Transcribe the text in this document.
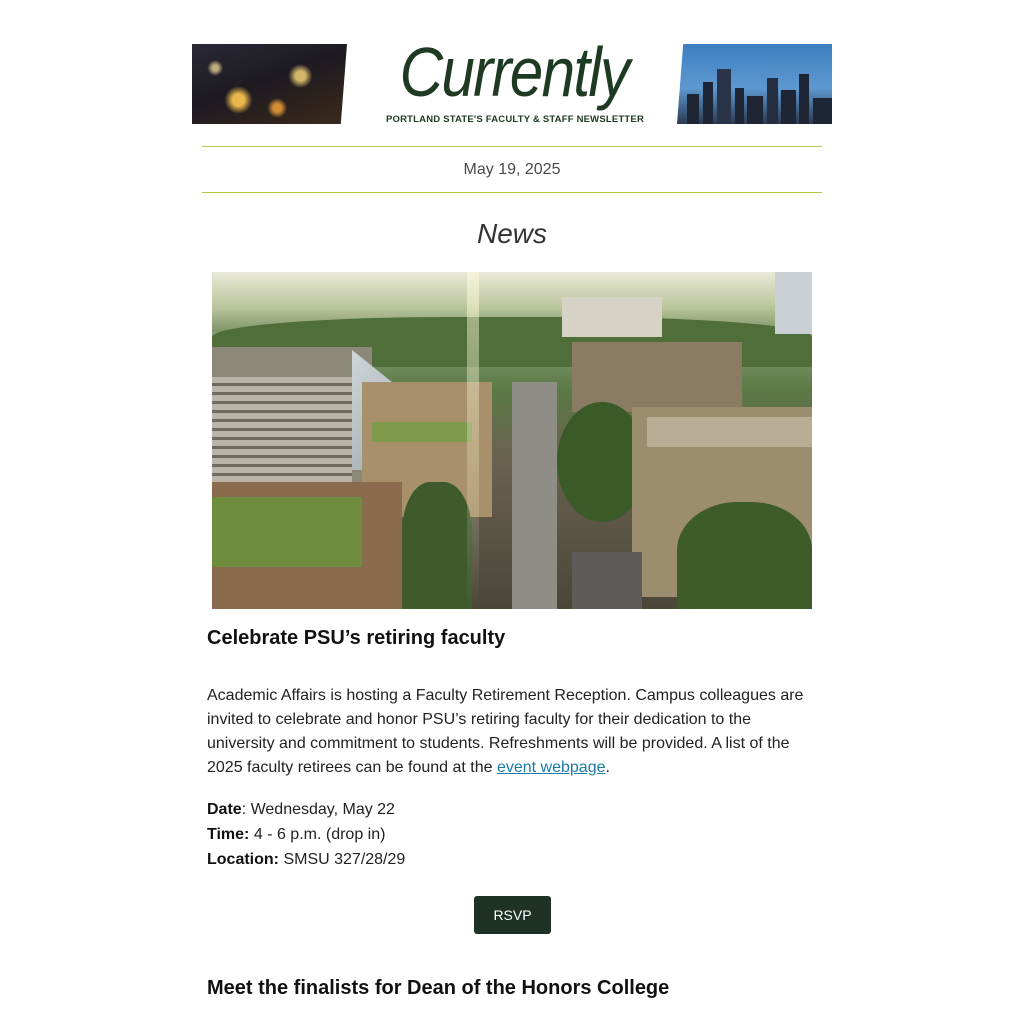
Currently
PORTLAND STATE'S FACULTY & STAFF NEWSLETTER
May 19, 2025
News
Celebrate PSU’s retiring faculty

Academic Affairs is hosting a Faculty Retirement Reception. Campus colleagues are invited to celebrate and honor PSU’s retiring faculty for their dedication to the university and commitment to students. Refreshments will be provided. A list of the 2025 faculty retirees can be found at the event webpage.

Date: Wednesday, May 22
Time: 4 - 6 p.m. (drop in)
Location: SMSU 327/28/29
RSVP
Meet the finalists for Dean of the Honors College
